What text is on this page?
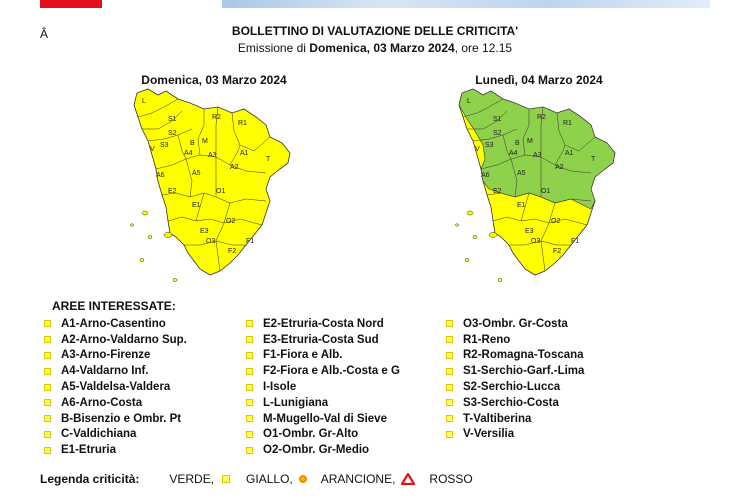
Â	BOLLETTINO DI VALUTAZIONE DELLE CRITICITA'
Emissione di Domenica, 03 Marzo 2024, ore 12.15
Domenica, 03 Marzo 2024	Lunedì, 04 Marzo 2024
L
S1	R2
S2
R1
S3
M
V
A6
A4 A3
B
A1
T
A2
A5
O1
E1
O2
E3
O3	F1
F2
E2
L
S1	R2
S2
R1
S3
M
V
A6
A4 A3
B
A1
T
A2
A5
O1
E1
O2
E3
O3	F1
F2
E2
AREE INTERESSATE:
A1-Arno-Casentino
A2-Arno-Valdarno Sup.
A3-Arno-Firenze
A4-Valdarno Inf.
A5-Valdelsa-Valdera
A6-Arno-Costa
B-Bisenzio e Ombr. Pt
C-Valdichiana
E1-Etruria
E2-Etruria-Costa Nord
E3-Etruria-Costa Sud
F1-Fiora e Alb.
F2-Fiora e Alb.-Costa e G
I-Isole
L-Lunigiana
M-Mugello-Val di Sieve
O1-Ombr. Gr-Alto
O2-Ombr. Gr-Medio
O3-Ombr. Gr-Costa
R1-Reno
R2-Romagna-Toscana
S1-Serchio-Garf.-Lima
S2-Serchio-Lucca
S3-Serchio-Costa
T-Valtiberina
V-Versilia
Legenda criticità:	VERDE,	GIALLO, ARANCIONE,	ROSSO
